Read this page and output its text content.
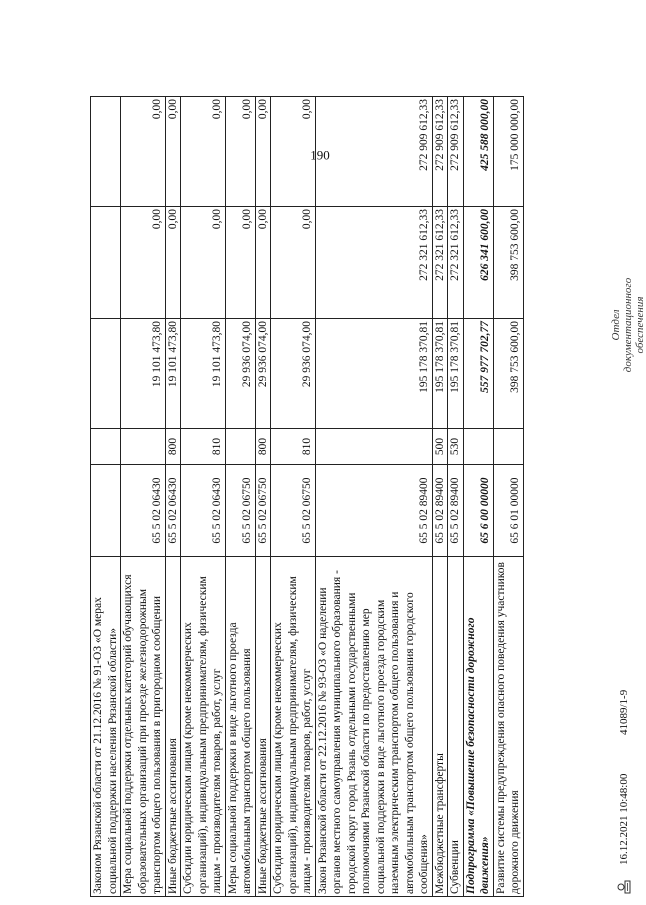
190
Законом Рязанской области от 21.12.2016 № 91-ОЗ «О мерах социальной поддержки населения Рязанской области»					
Мера социальной поддержки отдельных категорий обучающихся образовательных организаций при проезде железнодорожным транспортом общего пользования в пригородном сообщении	65 5 02 06430		19 101 473,80	0,00	0,00
Иные бюджетные ассигнования	65 5 02 06430	800	19 101 473,80	0,00	0,00
Субсидии юридическим лицам (кроме некоммерческих организаций), индивидуальным предпринимателям, физическим лицам - производителям товаров, работ, услуг	65 5 02 06430	810	19 101 473,80	0,00	0,00
Меры социальной поддержки в виде льготного проезда автомобильным транспортом общего пользования	65 5 02 06750		29 936 074,00	0,00	0,00
Иные бюджетные ассигнования	65 5 02 06750	800	29 936 074,00	0,00	0,00
Субсидии юридическим лицам (кроме некоммерческих организаций), индивидуальным предпринимателям, физическим лицам - производителям товаров, работ, услуг	65 5 02 06750	810	29 936 074,00	0,00	0,00
Закон Рязанской области от 22.12.2016 № 93-ОЗ «О наделении органов местного самоуправления муниципального образования - городской округ город Рязань отдельными государственными полномочиями Рязанской области по предоставлению мер социальной поддержки в виде льготного проезда городским наземным электрическим транспортом общего пользования и автомобильным транспортом общего пользования городского сообщения»	65 5 02 89400		195 178 370,81	272 321 612,33	272 909 612,33
Межбюджетные трансферты	65 5 02 89400	500	195 178 370,81	272 321 612,33	272 909 612,33
Субвенции	65 5 02 89400	530	195 178 370,81	272 321 612,33	272 909 612,33
Подпрограмма «Повышение безопасности дорожного движения»	65 6 00 00000		557 977 702,77	626 341 600,00	425 588 000,00
Развитие системы предупреждения опасного поведения участников дорожного движения	65 6 01 00000		398 753 600,00	398 753 600,00	175 000 000,00
16.12.2021 10:48:00
41089/1-9
Отдел документационного обеспечения
